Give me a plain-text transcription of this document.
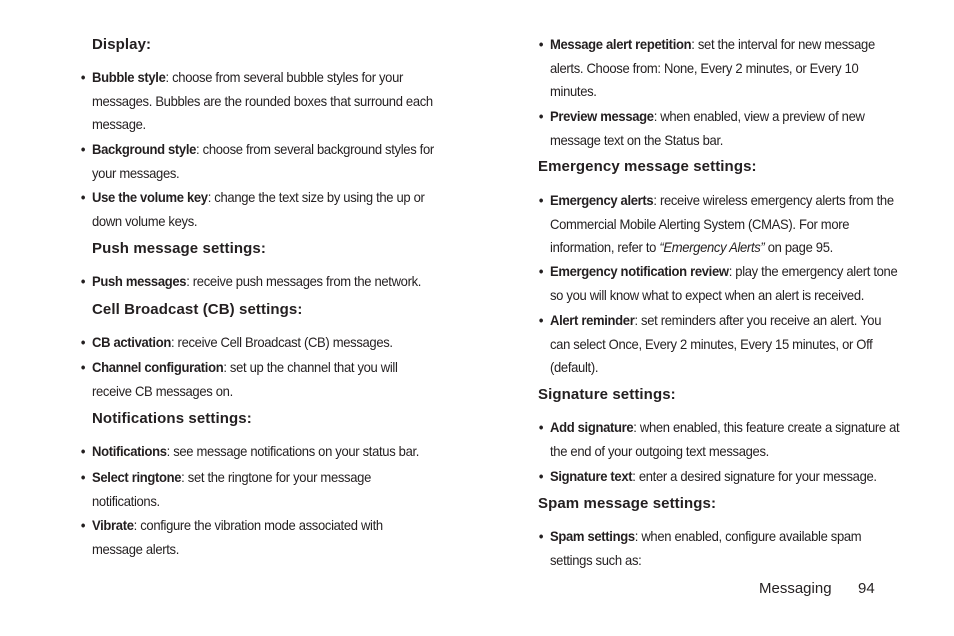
Display:
• Bubble style: choose from several bubble styles for your messages. Bubbles are the rounded boxes that surround each message.
• Background style: choose from several background styles for your messages.
• Use the volume key: change the text size by using the up or down volume keys.
Push message settings:
• Push messages: receive push messages from the network.
Cell Broadcast (CB) settings:
• CB activation: receive Cell Broadcast (CB) messages.
• Channel configuration: set up the channel that you will receive CB messages on.
Notifications settings:
• Notifications: see message notifications on your status bar.
• Select ringtone: set the ringtone for your message notifications.
• Vibrate: configure the vibration mode associated with message alerts.
• Message alert repetition: set the interval for new message alerts. Choose from: None, Every 2 minutes, or Every 10 minutes.
• Preview message: when enabled, view a preview of new message text on the Status bar.
Emergency message settings:
• Emergency alerts: receive wireless emergency alerts from the Commercial Mobile Alerting System (CMAS). For more information, refer to “Emergency Alerts” on page 95.
• Emergency notification review: play the emergency alert tone so you will know what to expect when an alert is received.
• Alert reminder: set reminders after you receive an alert. You can select Once, Every 2 minutes, Every 15 minutes, or Off (default).
Signature settings:
• Add signature: when enabled, this feature create a signature at the end of your outgoing text messages.
• Signature text: enter a desired signature for your message.
Spam message settings:
• Spam settings: when enabled, configure available spam settings such as:
Messaging 94
